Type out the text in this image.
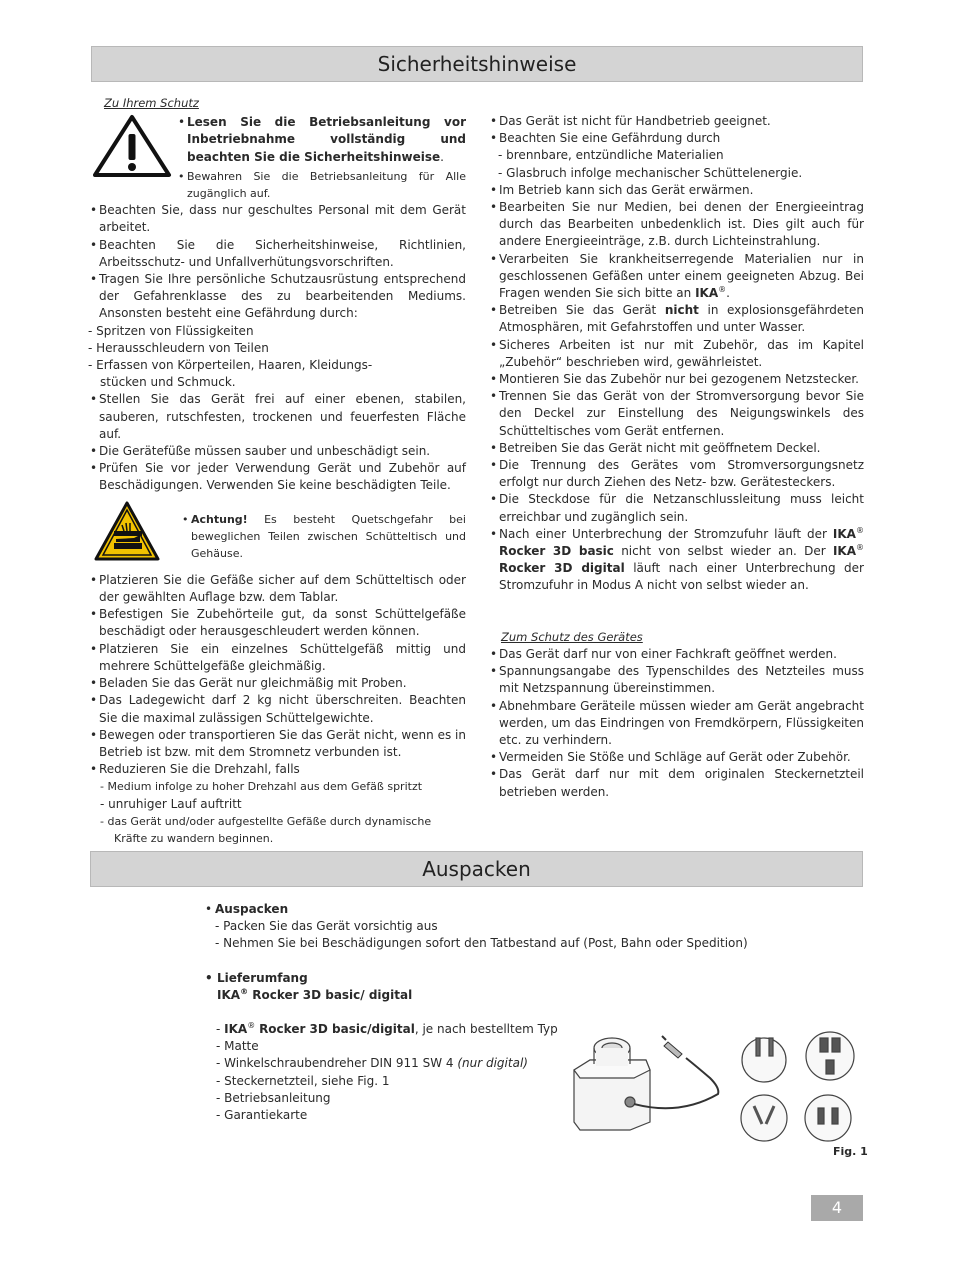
Sicherheitshinweise
Zu Ihrem Schutz
• Lesen Sie die Betriebsanleitung vor Inbetriebnahme vollständig und beachten Sie die Sicherheitshinweise.
• Bewahren Sie die Betriebsanleitung für Alle zugänglich auf.
• Beachten Sie, dass nur geschultes Personal mit dem Gerät arbeitet.
• Beachten Sie die Sicherheitshinweise, Richtlinien, Arbeitsschutz- und Unfallverhütungsvorschriften.
• Tragen Sie Ihre persönliche Schutzausrüstung entsprechend der Gefahrenklasse des zu bearbeitenden Mediums. Ansonsten besteht eine Gefährdung durch:
- Spritzen von Flüssigkeiten
- Herausschleudern von Teilen
- Erfassen von Körperteilen, Haaren, Kleidungs-
stücken und Schmuck.
• Stellen Sie das Gerät frei auf einer ebenen, stabilen, sauberen, rutschfesten, trockenen und feuerfesten Fläche auf.
• Die Gerätefüße müssen sauber und unbeschädigt sein.
• Prüfen Sie vor jeder Verwendung Gerät und Zubehör auf Beschädigungen. Verwenden Sie keine beschädigten Teile.
• Achtung! Es besteht Quetschgefahr bei beweglichen Teilen zwischen Schütteltisch und Gehäuse.
• Platzieren Sie die Gefäße sicher auf dem Schütteltisch oder der gewählten Auflage bzw. dem Tablar.
• Befestigen Sie Zubehörteile gut, da sonst Schüttelgefäße beschädigt oder herausgeschleudert werden können.
• Platzieren Sie ein einzelnes Schüttelgefäß mittig und mehrere Schüttelgefäße gleichmäßig.
• Beladen Sie das Gerät nur gleichmäßig mit Proben.
• Das Ladegewicht darf 2 kg nicht überschreiten. Beachten Sie die maximal zulässigen Schüttelgewichte.
• Bewegen oder transportieren Sie das Gerät nicht, wenn es in Betrieb ist bzw. mit dem Stromnetz verbunden ist.
• Reduzieren Sie die Drehzahl, falls
- Medium infolge zu hoher Drehzahl aus dem Gefäß spritzt
- unruhiger Lauf auftritt
- das Gerät und/oder aufgestellte Gefäße durch dynamische
Kräfte zu wandern beginnen.
• Das Gerät ist nicht für Handbetrieb geeignet.
• Beachten Sie eine Gefährdung durch
- brennbare, entzündliche Materialien
- Glasbruch infolge mechanischer Schüttelenergie.
• Im Betrieb kann sich das Gerät erwärmen.
• Bearbeiten Sie nur Medien, bei denen der Energieeintrag durch das Bearbeiten unbedenklich ist. Dies gilt auch für andere Energieeinträge, z.B. durch Lichteinstrahlung.
• Verarbeiten Sie krankheitserregende Materialien nur in geschlossenen Gefäßen unter einem geeigneten Abzug. Bei Fragen wenden Sie sich bitte an IKA®.
• Betreiben Sie das Gerät nicht in explosionsgefährdeten Atmosphären, mit Gefahrstoffen und unter Wasser.
• Sicheres Arbeiten ist nur mit Zubehör, das im Kapitel „Zubehör“ beschrieben wird, gewährleistet.
• Montieren Sie das Zubehör nur bei gezogenem Netzstecker.
• Trennen Sie das Gerät von der Stromversorgung bevor Sie den Deckel zur Einstellung des Neigungswinkels des Schütteltisches vom Gerät entfernen.
• Betreiben Sie das Gerät nicht mit geöffnetem Deckel.
• Die Trennung des Gerätes vom Stromversorgungsnetz erfolgt nur durch Ziehen des Netz- bzw. Gerätesteckers.
• Die Steckdose für die Netzanschlussleitung muss leicht erreichbar und zugänglich sein.
• Nach einer Unterbrechung der Stromzufuhr läuft der IKA® Rocker 3D basic nicht von selbst wieder an. Der IKA® Rocker 3D digital läuft nach einer Unterbrechung der Stromzufuhr in Modus A nicht von selbst wieder an.
Zum Schutz des Gerätes
• Das Gerät darf nur von einer Fachkraft geöffnet werden.
• Spannungsangabe des Typenschildes des Netzteiles muss mit Netzspannung übereinstimmen.
• Abnehmbare Geräteile müssen wieder am Gerät angebracht werden, um das Eindringen von Fremdkörpern, Flüssigkeiten etc. zu verhindern.
• Vermeiden Sie Stöße und Schläge auf Gerät oder Zubehör.
• Das Gerät darf nur mit dem originalen Steckernetzteil betrieben werden.
Auspacken
• Auspacken
- Packen Sie das Gerät vorsichtig aus
- Nehmen Sie bei Beschädigungen sofort den Tatbestand auf (Post, Bahn oder Spedition)
• Lieferumfang
IKA® Rocker 3D basic/ digital
- IKA® Rocker 3D basic/digital, je nach bestelltem Typ
- Matte
- Winkelschraubendreher DIN 911 SW 4 (nur digital)
- Steckernetzteil, siehe Fig. 1
- Betriebsanleitung
- Garantiekarte
Fig. 1
4
